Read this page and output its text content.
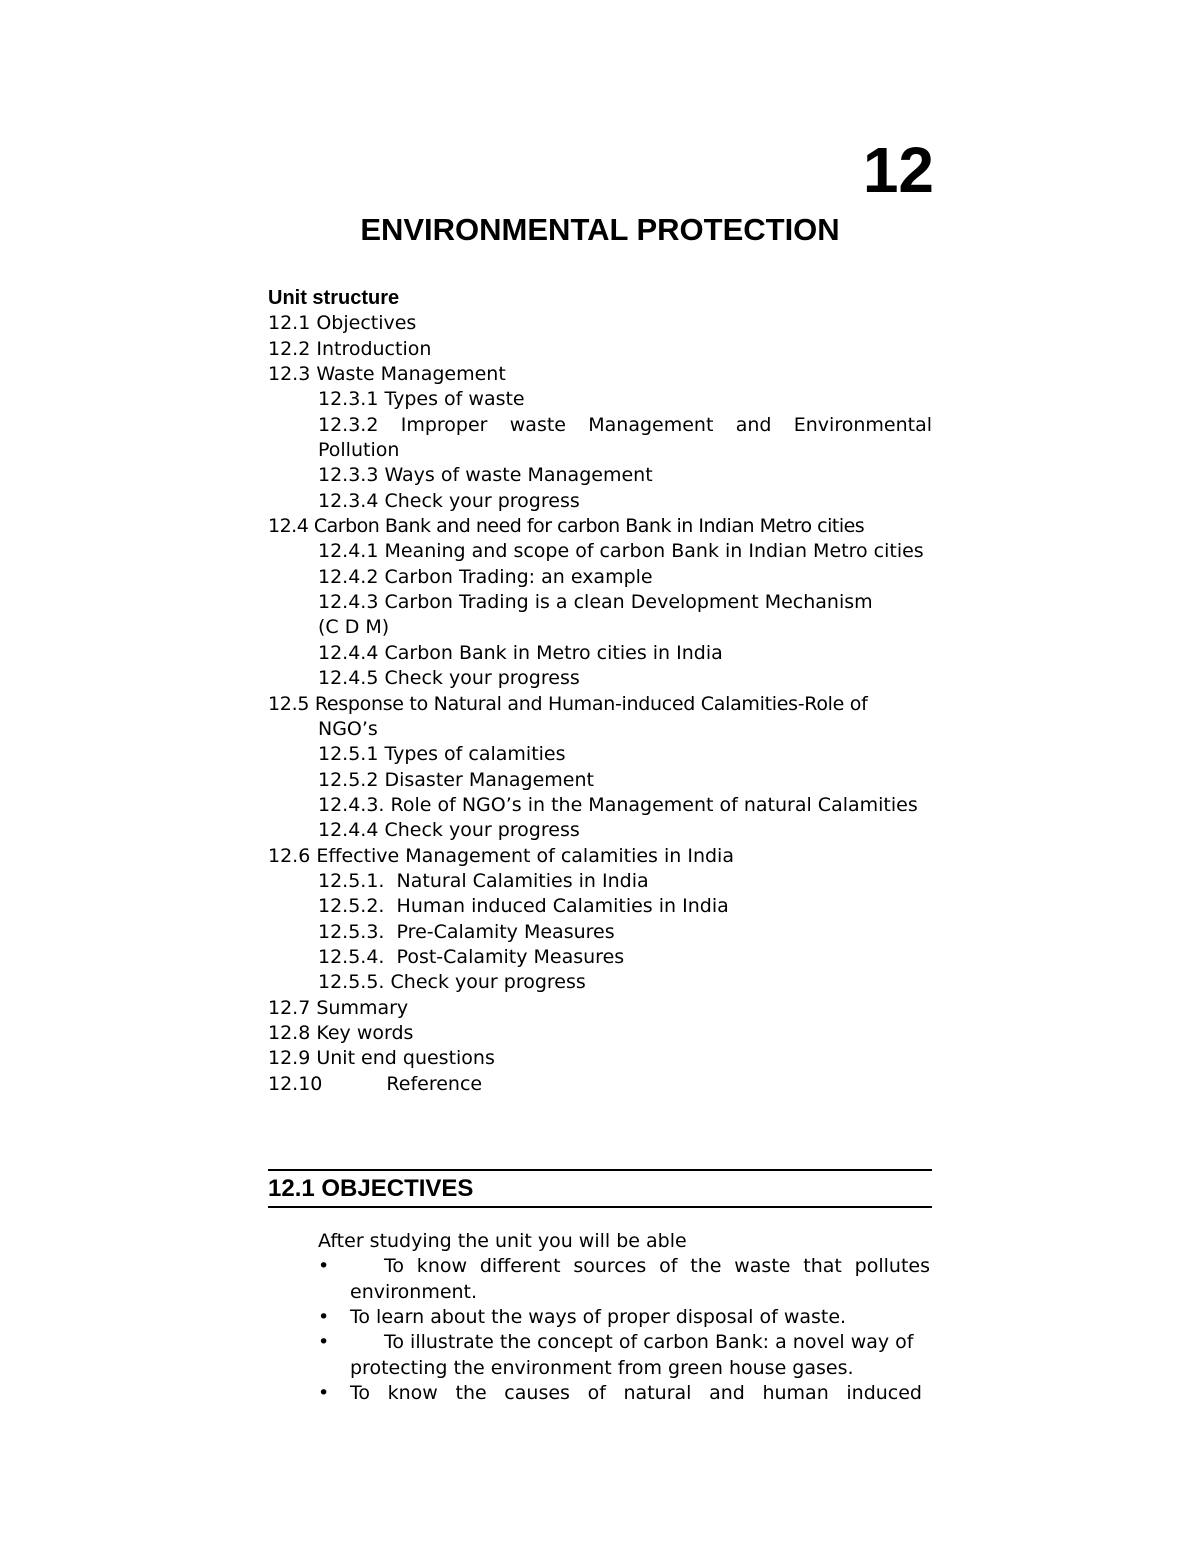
12
ENVIRONMENTAL PROTECTION
Unit structure
12.1 Objectives
12.2 Introduction
12.3 Waste Management
12.3.1 Types of waste
12.3.2 Improper waste Management and Environmental Pollution
12.3.3 Ways of waste Management
12.3.4 Check your progress
12.4 Carbon Bank and need for carbon Bank in Indian Metro cities
12.4.1 Meaning and scope of carbon Bank in Indian Metro cities
12.4.2 Carbon Trading: an example
12.4.3 Carbon Trading is a clean Development Mechanism
(C D M)
12.4.4 Carbon Bank in Metro cities in India
12.4.5 Check your progress
12.5 Response to Natural and Human-induced Calamities-Role of
NGO’s
12.5.1 Types of calamities
12.5.2 Disaster Management
12.4.3. Role of NGO’s in the Management of natural Calamities
12.4.4 Check your progress
12.6 Effective Management of calamities in India
12.5.1.  Natural Calamities in India
12.5.2.  Human induced Calamities in India
12.5.3.  Pre-Calamity Measures
12.5.4.  Post-Calamity Measures
12.5.5. Check your progress
12.7 Summary
12.8 Key words
12.9 Unit end questions
12.10	Reference
12.1 OBJECTIVES
After studying the unit you will be able
•	To know different sources of the waste that pollutes environment.
• To learn about the ways of proper disposal of waste.
•	To illustrate the concept of carbon Bank: a novel way of protecting the environment from green house gases.
• To know the causes of natural and human induced
